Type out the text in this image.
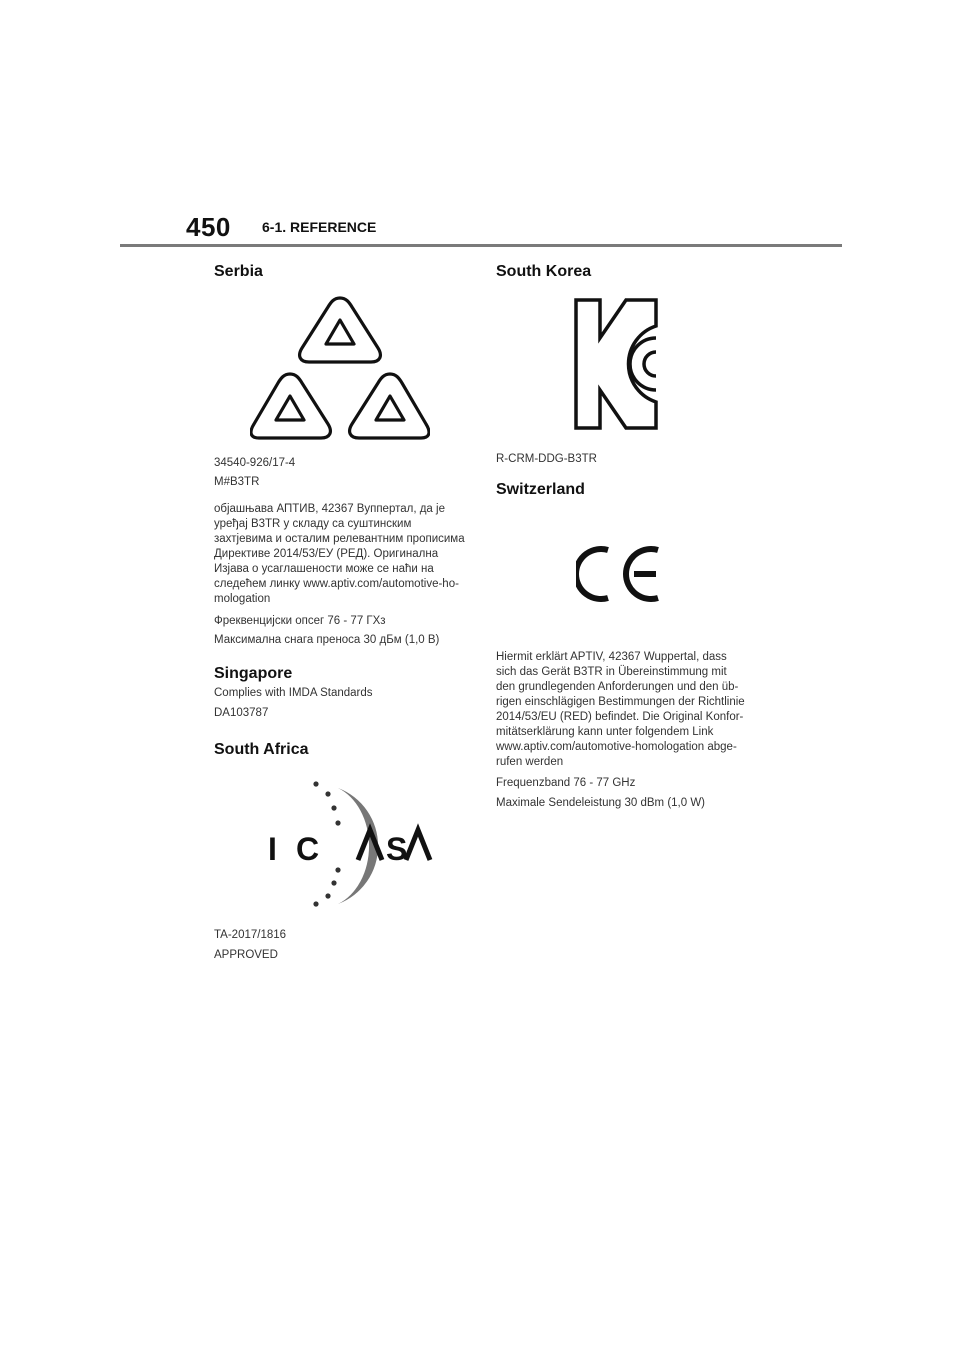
450 6-1. REFERENCE
Serbia

34540-926/17-4

M#B3TR

објашњава АПТИВ, 42367 Вуппертал, да је

уређај B3TR у складу са суштинским

захтјевима и осталим релевантним прописима

Директиве 2014/53/ЕУ (РЕД). Оригинална

Изјава о усаглашености може се наћи на

следећем линку www.aptiv.com/automotive-ho-

mologation

Фреквенцијски опсег 76 - 77 ГХз

Максимална снага преноса 30 дБм (1,0 В)

Singapore

Complies with IMDA Standards

DA103787

South Africa
I C S

TA-2017/1816

APPROVED

South Korea

R-CRM-DDG-B3TR

Switzerland

Hiermit erklärt APTIV, 42367 Wuppertal, dass

sich das Gerät B3TR in Übereinstimmung mit

den grundlegenden Anforderungen und den üb-

rigen einschlägigen Bestimmungen der Richtlinie

2014/53/EU (RED) befindet. Die Original Konfor-

mitätserklärung kann unter folgendem Link

www.aptiv.com/automotive-homologation abge-

rufen werden

Frequenzband 76 - 77 GHz

Maximale Sendeleistung 30 dBm (1,0 W)
